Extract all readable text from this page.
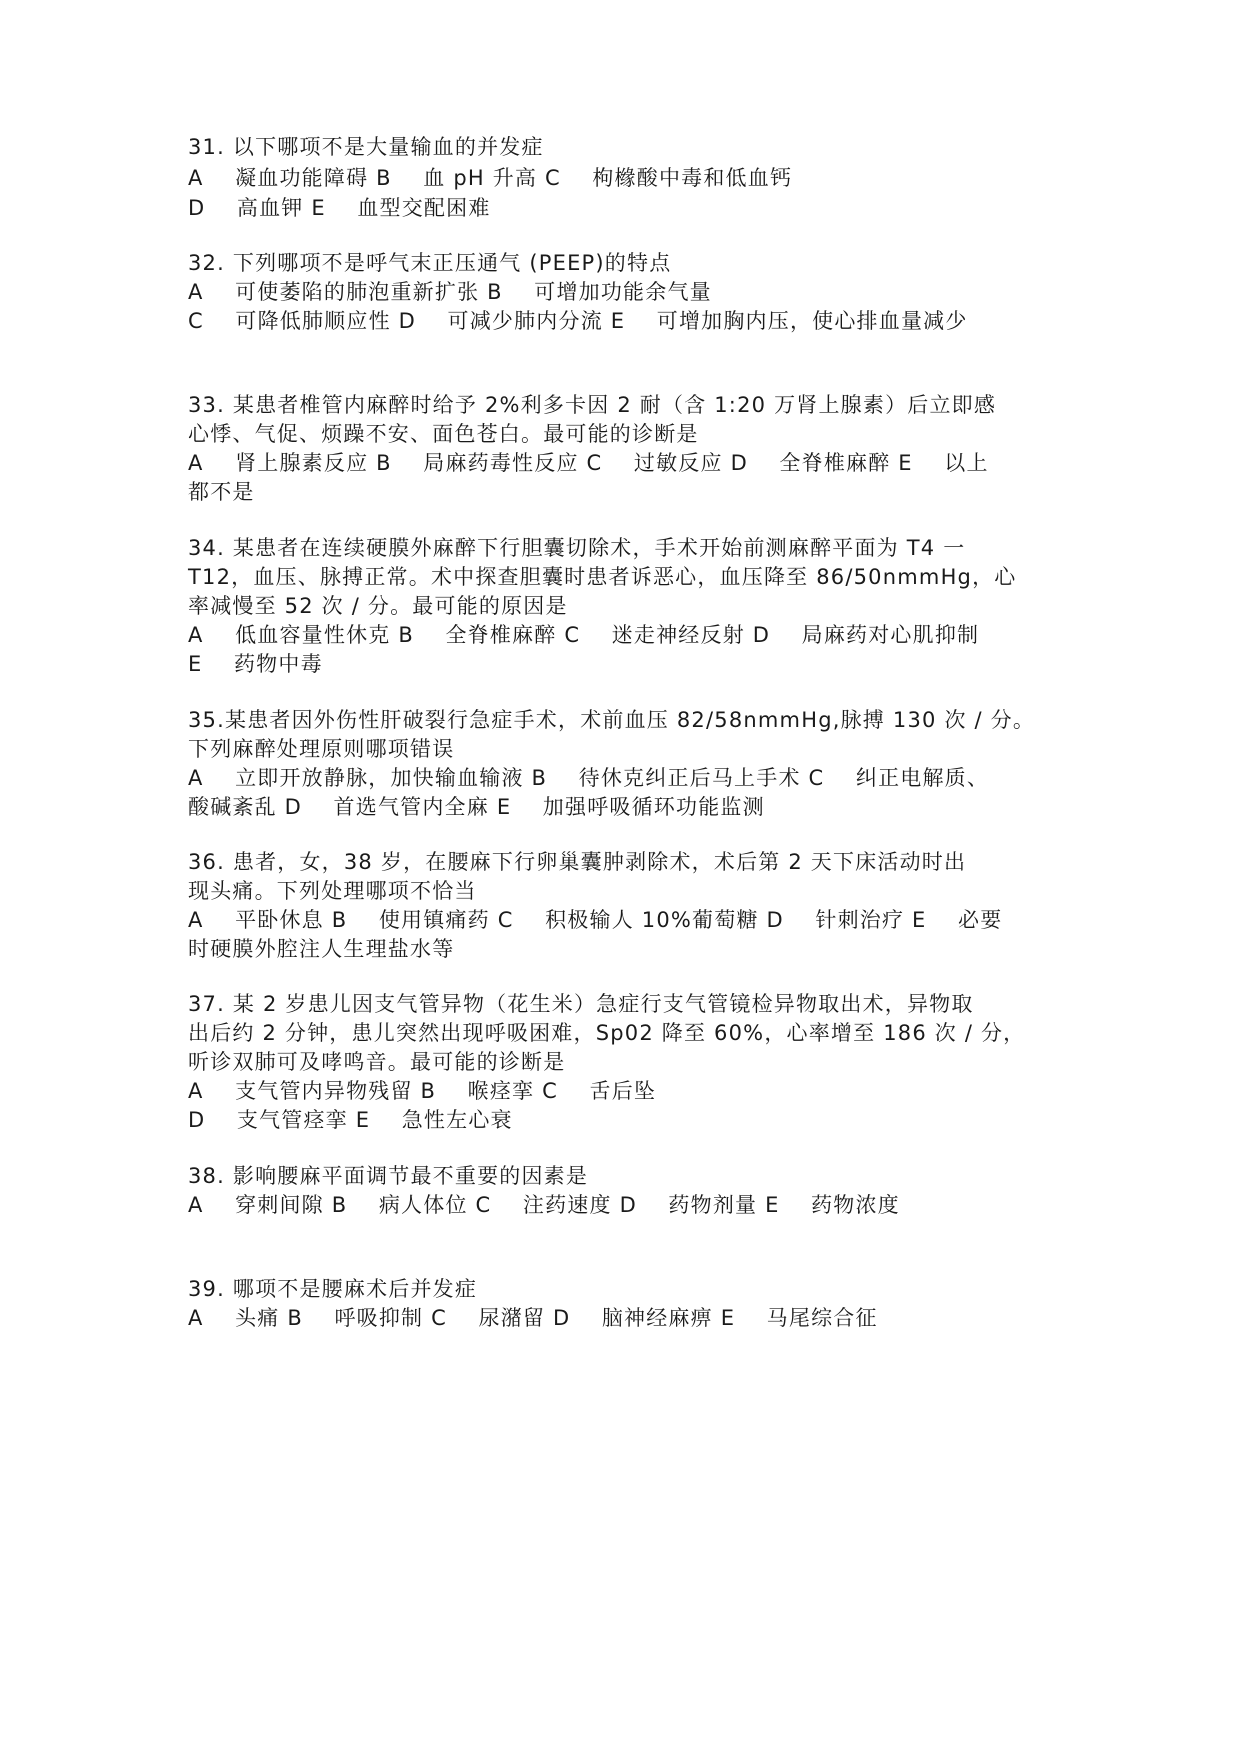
31. 以下哪项不是大量输血的并发症
A    凝血功能障碍 B    血 pH 升高 C    枸橼酸中毒和低血钙
D    高血钾 E    血型交配困难
32. 下列哪项不是呼气末正压通气 (PEEP)的特点
A    可使萎陷的肺泡重新扩张 B    可增加功能余气量
C    可降低肺顺应性 D    可减少肺内分流 E    可增加胸内压，使心排血量减少
33. 某患者椎管内麻醉时给予 2%利多卡因 2 耐（含 1:20 万肾上腺素）后立即感
心悸、气促、烦躁不安、面色苍白。最可能的诊断是
A    肾上腺素反应 B    局麻药毒性反应 C    过敏反应 D    全脊椎麻醉 E    以上
都不是
34. 某患者在连续硬膜外麻醉下行胆囊切除术，手术开始前测麻醉平面为 T4 一
T12，血压、脉搏正常。术中探查胆囊时患者诉恶心，血压降至 86/50nmmHg，心
率减慢至 52 次 / 分。最可能的原因是
A    低血容量性休克 B    全脊椎麻醉 C    迷走神经反射 D    局麻药对心肌抑制
E    药物中毒
35.某患者因外伤性肝破裂行急症手术，术前血压 82/58nmmHg,脉搏 130 次 / 分。
下列麻醉处理原则哪项错误
A    立即开放静脉，加快输血输液 B    待休克纠正后马上手术 C    纠正电解质、
酸碱紊乱 D    首选气管内全麻 E    加强呼吸循环功能监测
36. 患者，女，38 岁，在腰麻下行卵巢囊肿剥除术，术后第 2 天下床活动时出
现头痛。下列处理哪项不恰当
A    平卧休息 B    使用镇痛药 C    积极输人 10%葡萄糖 D    针刺治疗 E    必要
时硬膜外腔注人生理盐水等
37. 某 2 岁患儿因支气管异物（花生米）急症行支气管镜检异物取出术，异物取
出后约 2 分钟，患儿突然出现呼吸困难，Sp02 降至 60%，心率增至 186 次 / 分，
听诊双肺可及哮鸣音。最可能的诊断是
A    支气管内异物残留 B    喉痉挛 C    舌后坠
D    支气管痉挛 E    急性左心衰
38. 影响腰麻平面调节最不重要的因素是
A    穿刺间隙 B    病人体位 C    注药速度 D    药物剂量 E    药物浓度
39. 哪项不是腰麻术后并发症
A    头痛 B    呼吸抑制 C    尿潴留 D    脑神经麻痹 E    马尾综合征
